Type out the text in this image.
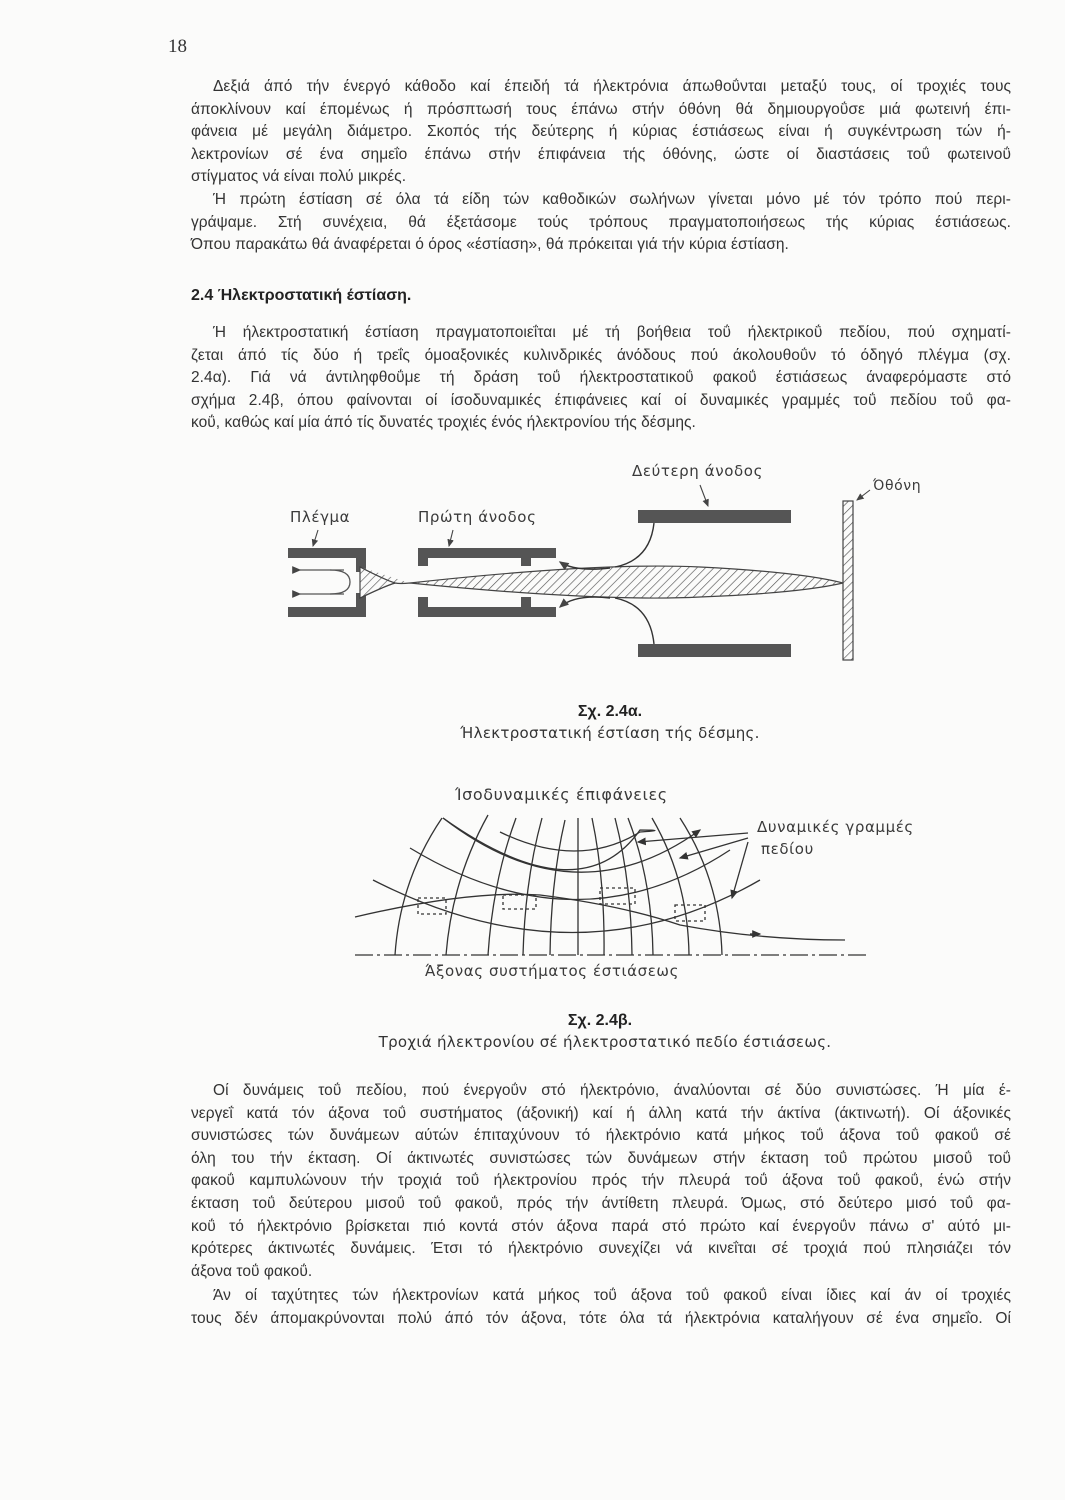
18
Δεξιά άπό τήν ένεργό κάθοδο καί έπειδή τά ήλεκτρόνια άπωθοΰνται μεταξύ τους, οί τροχιές τους
άποκλίνουν καί έπομένως ή πρόσπτωσή τους έπάνω στήν όθόνη θά δημιουργοΰσε μιά φωτεινή έπι-
φάνεια μέ μεγάλη διάμετρο. Σκοπός τής δεύτερης ή κύριας έστιάσεως είναι ή συγκέντρωση τών ή-
λεκτρονίων σέ ένα σημεΐο έπάνω στήν έπιφάνεια τής όθόνης, ώστε οί διαστάσεις τοΰ φωτεινοΰ
στίγματος νά είναι πολύ μικρές.
Ή πρώτη έστίαση σέ όλα τά είδη τών καθοδικών σωλήνων γίνεται μόνο μέ τόν τρόπο πού περι-
γράψαμε. Στή συνέχεια, θά έξετάσομε τούς τρόπους πραγματοποιήσεως τής κύριας έστιάσεως.
Όπου παρακάτω θά άναφέρεται ό όρος «έστίαση», θά πρόκειται γιά τήν κύρια έστίαση.
2.4 Ήλεκτροστατική έστίαση.
Ή ήλεκτροστατική έστίαση πραγματοποιεΐται μέ τή βοήθεια τοΰ ήλεκτρικοΰ πεδίου, πού σχηματί-
ζεται άπό τίς δύο ή τρεΐς όμοαξονικές κυλινδρικές άνόδους πού άκολουθοΰν τό όδηγό πλέγμα (σχ.
2.4α). Γιά νά άντιληφθοΰμε τή δράση τοΰ ήλεκτροστατικοΰ φακοΰ έστιάσεως άναφερόμαστε στό
σχήμα 2.4β, όπου φαίνονται οί ίσοδυναμικές έπιφάνειες καί οί δυναμικές γραμμές τοΰ πεδίου τοΰ φα-
κοΰ, καθώς καί μία άπό τίς δυνατές τροχιές ένός ήλεκτρονίου τής δέσμης.
Πλέγμα	Πρώτη άνοδος
Δεύτερη άνοδος
Όθόνη
Σχ. 2.4α.
Ήλεκτροστατική έστίαση τής δέσμης.
Ίσοδυναμικές έπιφάνειες
Δυναμικές γραμμές
πεδίου
Άξονας συστήματος έστιάσεως
Σχ. 2.4β.
Τροχιά ήλεκτρονίου σέ ήλεκτροστατικό πεδίο έστιάσεως.
Οί δυνάμεις τοΰ πεδίου, πού ένεργοΰν στό ήλεκτρόνιο, άναλύονται σέ δύο συνιστώσες. Ή μία έ-
νεργεΐ κατά τόν άξονα τοΰ συστήματος (άξονική) καί ή άλλη κατά τήν άκτίνα (άκτινωτή). Οί άξονικές
συνιστώσες τών δυνάμεων αύτών έπιταχύνουν τό ήλεκτρόνιο κατά μήκος τοΰ άξονα τοΰ φακοΰ σέ
όλη του τήν έκταση. Οί άκτινωτές συνιστώσες τών δυνάμεων στήν έκταση τοΰ πρώτου μισοΰ τοΰ
φακοΰ καμπυλώνουν τήν τροχιά τοΰ ήλεκτρονίου πρός τήν πλευρά τοΰ άξονα τοΰ φακοΰ, ένώ στήν
έκταση τοΰ δεύτερου μισοΰ τοΰ φακοΰ, πρός τήν άντίθετη πλευρά. Όμως, στό δεύτερο μισό τοΰ φα-
κοΰ τό ήλεκτρόνιο βρίσκεται πιό κοντά στόν άξονα παρά στό πρώτο καί ένεργοΰν πάνω σ' αύτό μι-
κρότερες άκτινωτές δυνάμεις. Έτσι τό ήλεκτρόνιο συνεχίζει νά κινεΐται σέ τροχιά πού πλησιάζει τόν
άξονα τοΰ φακοΰ.
Άν οί ταχύτητες τών ήλεκτρονίων κατά μήκος τοΰ άξονα τοΰ φακοΰ είναι ίδιες καί άν οί τροχιές
τους δέν άπομακρύνονται πολύ άπό τόν άξονα, τότε όλα τά ήλεκτρόνια καταλήγουν σέ ένα σημεΐο. Οί
